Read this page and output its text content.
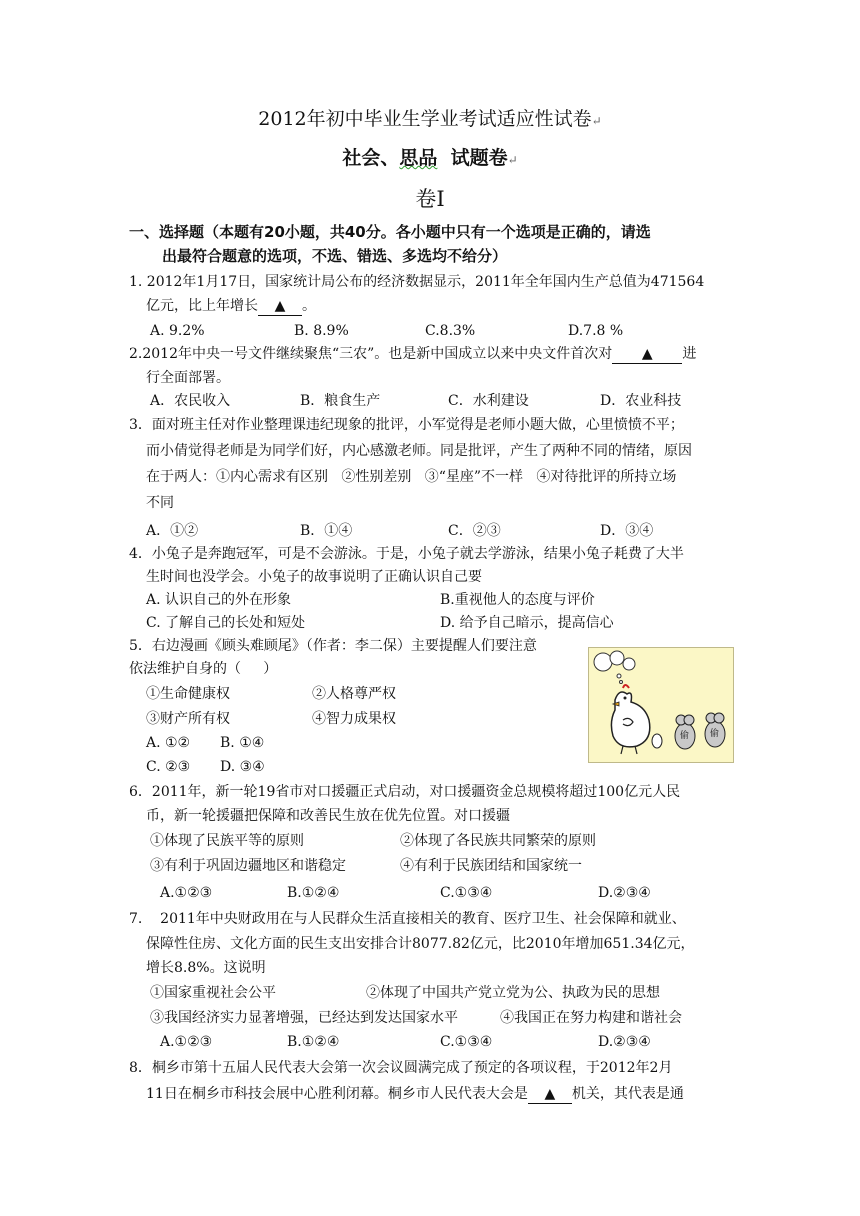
2012年初中毕业生学业考试适应性试卷↵
社会、思品  试题卷↵
卷Ⅰ
一、选择题（本题有20小题，共40分。各小题中只有一个选项是正确的，请选
出最符合题意的选项，不选、错选、多选均不给分）
1. 2012年1月17日，国家统计局公布的经济数据显示，2011年全年国内生产总值为471564
亿元，比上年增长 ▲ 。
A. 9.2%	B. 8.9%	C.8.3%	D.7.8 %
2.2012年中央一号文件继续聚焦“三农”。也是新中国成立以来中央文件首次对 ▲ 进
行全面部署。
A．农民收入	B．粮食生产	C．水利建设	D．农业科技
3．面对班主任对作业整理课违纪现象的批评，小军觉得是老师小题大做，心里愤愤不平；
而小倩觉得老师是为同学们好，内心感激老师。同是批评，产生了两种不同的情绪，原因
在于两人：①内心需求有区别   ②性别差别   ③“星座”不一样   ④对待批评的所持立场
不同
A．①②	B．①④	C．②③	D．③④
4．小兔子是奔跑冠军，可是不会游泳。于是，小兔子就去学游泳，结果小兔子耗费了大半
生时间也没学会。小兔子的故事说明了正确认识自己要
A. 认识自己的外在形象	B.重视他人的态度与评价
C. 了解自己的长处和短处	D. 给予自己暗示，提高信心
5．右边漫画《顾头难顾尾》（作者：李二保）主要提醒人们要注意
依法维护自身的（     ）
①生命健康权	②人格尊严权
③财产所有权	④智力成果权
A. ①② B. ①④
C. ②③ D. ③④
偷 偷
6．2011年，新一轮19省市对口援疆正式启动，对口援疆资金总规模将超过100亿元人民
币，新一轮援疆把保障和改善民生放在优先位置。对口援疆
①体现了民族平等的原则	②体现了各民族共同繁荣的原则
③有利于巩固边疆地区和谐稳定	④有利于民族团结和国家统一
A.①②③	B.①②④	C.①③④	D.②③④
7.    2011年中央财政用在与人民群众生活直接相关的教育、医疗卫生、社会保障和就业、
保障性住房、文化方面的民生支出安排合计8077.82亿元，比2010年增加651.34亿元，
增长8.8%。这说明
①国家重视社会公平	②体现了中国共产党立党为公、执政为民的思想
③我国经济实力显著增强，已经达到发达国家水平	④我国正在努力构建和谐社会
A.①②③	B.①②④	C.①③④	D.②③④
8．桐乡市第十五届人民代表大会第一次会议圆满完成了预定的各项议程，于2012年2月
11日在桐乡市科技会展中心胜利闭幕。桐乡市人民代表大会是 ▲ 机关，其代表是通
